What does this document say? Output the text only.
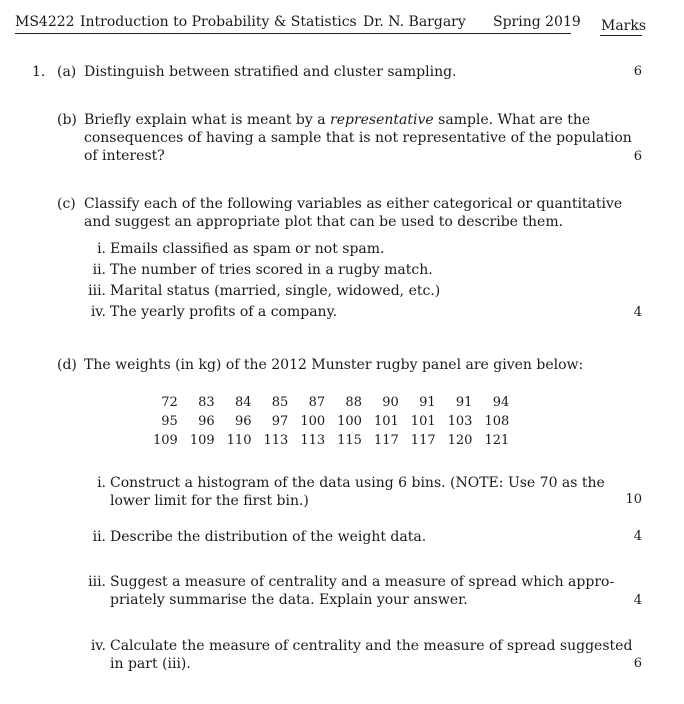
MS4222 Introduction to Probability & Statistics Dr. N. Bargary Spring 2019 Marks
1. (a) Distinguish between stratified and cluster sampling.	6
(b) Briefly explain what is meant by a representative sample. What are the
consequences of having a sample that is not representative of the population
of interest?	6
(c) Classify each of the following variables as either categorical or quantitative
and suggest an appropriate plot that can be used to describe them.
i. Emails classified as spam or not spam.
ii. The number of tries scored in a rugby match.
iii. Marital status (married, single, widowed, etc.)
iv. The yearly profits of a company.	4
(d) The weights (in kg) of the 2012 Munster rugby panel are given below:
72	83	84	85	87	88	90	91	91	94
95	96	96	97	100	100	101	101	103	108
109	109	110	113	113	115	117	117	120	121
i. Construct a histogram of the data using 6 bins. (NOTE: Use 70 as the
lower limit for the first bin.)	10
ii. Describe the distribution of the weight data.	4
iii. Suggest a measure of centrality and a measure of spread which appro-
priately summarise the data. Explain your answer.	4
iv. Calculate the measure of centrality and the measure of spread suggested
in part (iii).	6
